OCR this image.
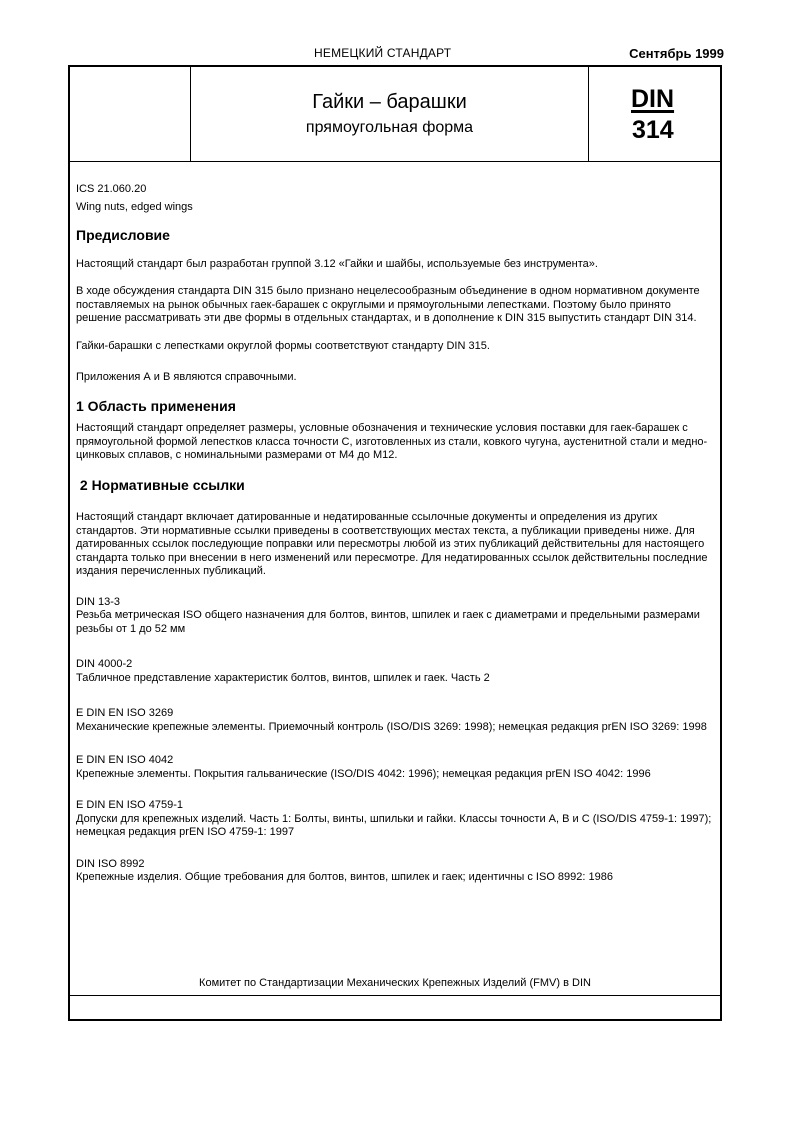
НЕМЕЦКИЙ СТАНДАРТ	Сентябрь 1999
Гайки – барашки
прямоугольная форма
DIN
314

ICS 21.060.20

Wing nuts, edged wings

Предисловие

Настоящий стандарт был разработан группой 3.12 «Гайки и шайбы, используемые без инструмента».

В ходе обсуждения стандарта DIN 315 было признано нецелесообразным объединение в одном нормативном документе поставляемых на рынок обычных гаек-барашек с округлыми и прямоугольными лепестками. Поэтому было принято решение рассматривать эти две формы в отдельных стандартах, и в дополнение к DIN 315 выпустить стандарт DIN 314.

Гайки-барашки с лепестками округлой формы соответствуют стандарту DIN 315.

Приложения А и В являются справочными.

1 Область применения

Настоящий стандарт определяет размеры, условные обозначения и технические условия поставки для гаек-барашек с прямоугольной формой лепестков класса точности С, изготовленных из стали, ковкого чугуна, аустенитной стали и медно-цинковых сплавов, с номинальными размерами от М4 до М12.

2 Нормативные ссылки

Настоящий стандарт включает датированные и недатированные ссылочные документы и определения из других стандартов. Эти нормативные ссылки приведены в соответствующих местах текста, а публикации приведены ниже. Для датированных ссылок последующие поправки или пересмотры любой из этих публикаций действительны для настоящего стандарта только при внесении в него изменений или пересмотре. Для недатированных ссылок действительны последние издания перечисленных публикаций.

DIN 13-3

Резьба метрическая ISO общего назначения для болтов, винтов, шпилек и гаек с диаметрами и предельными размерами резьбы от 1 до 52 мм

DIN 4000-2

Табличное представление характеристик болтов, винтов, шпилек и гаек. Часть 2

E DIN EN ISO 3269

Механические крепежные элементы. Приемочный контроль (ISO/DIS 3269: 1998); немецкая редакция prEN ISO 3269: 1998

E DIN EN ISO 4042

Крепежные элементы. Покрытия гальванические (ISO/DIS 4042: 1996); немецкая редакция prEN ISO 4042: 1996

E DIN EN ISO 4759-1

Допуски для крепежных изделий. Часть 1: Болты, винты, шпильки и гайки. Классы точности А, В и С (ISO/DIS 4759-1: 1997); немецкая редакция prEN ISO 4759-1: 1997

DIN ISO 8992

Крепежные изделия. Общие требования для болтов, винтов, шпилек и гаек; идентичны с ISO 8992: 1986

Комитет по Стандартизации Механических Крепежных Изделий (FMV) в DIN
